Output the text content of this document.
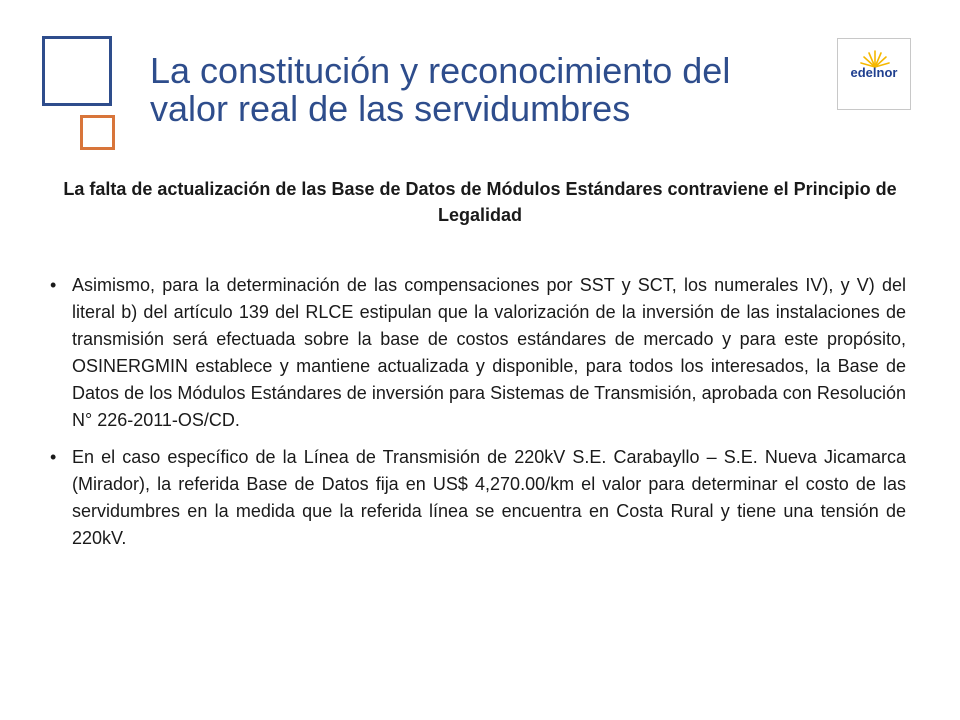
La constitución y reconocimiento del valor real de las servidumbres
edelnor

La falta de actualización de las Base de Datos de Módulos Estándares contraviene el Principio de Legalidad

• Asimismo, para la determinación de las compensaciones por SST y SCT, los numerales IV), y V) del literal b) del artículo 139 del RLCE estipulan que la valorización de la inversión de las instalaciones de transmisión será efectuada sobre la base de costos estándares de mercado y para este propósito, OSINERGMIN establece y mantiene actualizada y disponible, para todos los interesados, la Base de Datos de los Módulos Estándares de inversión para Sistemas de Transmisión, aprobada con Resolución N° 226-2011-OS/CD.
• En el caso específico de la Línea de Transmisión de 220kV S.E. Carabayllo – S.E. Nueva Jicamarca (Mirador), la referida Base de Datos fija en US$ 4,270.00/km el valor para determinar el costo de las servidumbres en la medida que la referida línea se encuentra en Costa Rural y tiene una tensión de 220kV.
